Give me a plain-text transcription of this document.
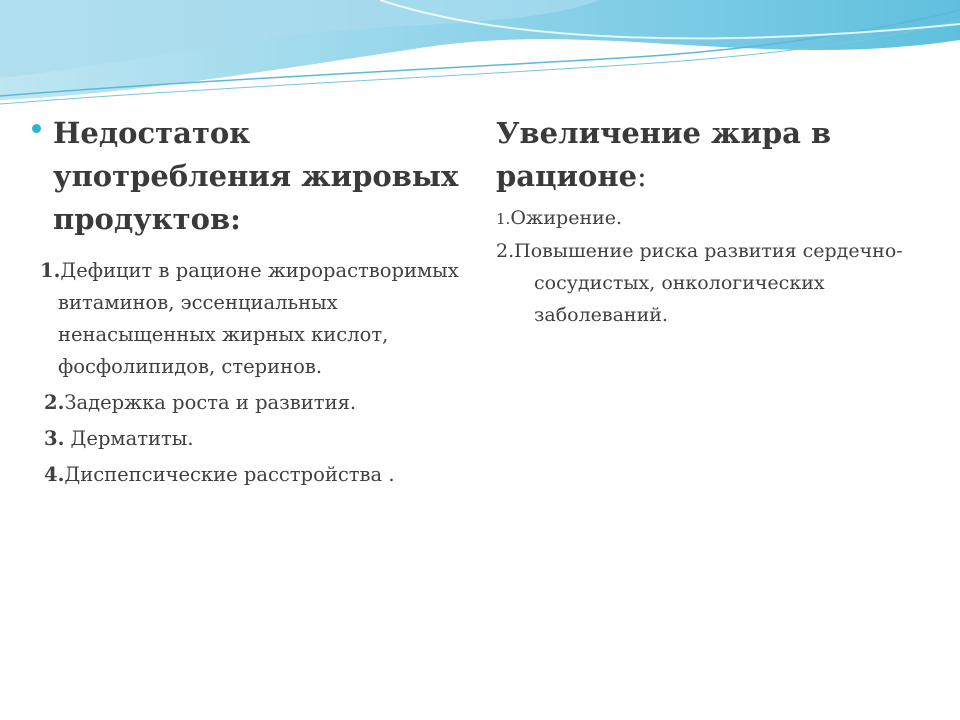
Недостаток употребления жировых продуктов:
1.Дефицит в рационе жирорастворимых витаминов, эссенциальных ненасыщенных жирных кислот, фосфолипидов, стеринов.
2.Задержка роста и развития.
3. Дерматиты.
4.Диспепсические расстройства .
Увеличение жира в рационе:
1.Ожирение.
2.Повышение риска развития сердечно-сосудистых, онкологических заболеваний.
